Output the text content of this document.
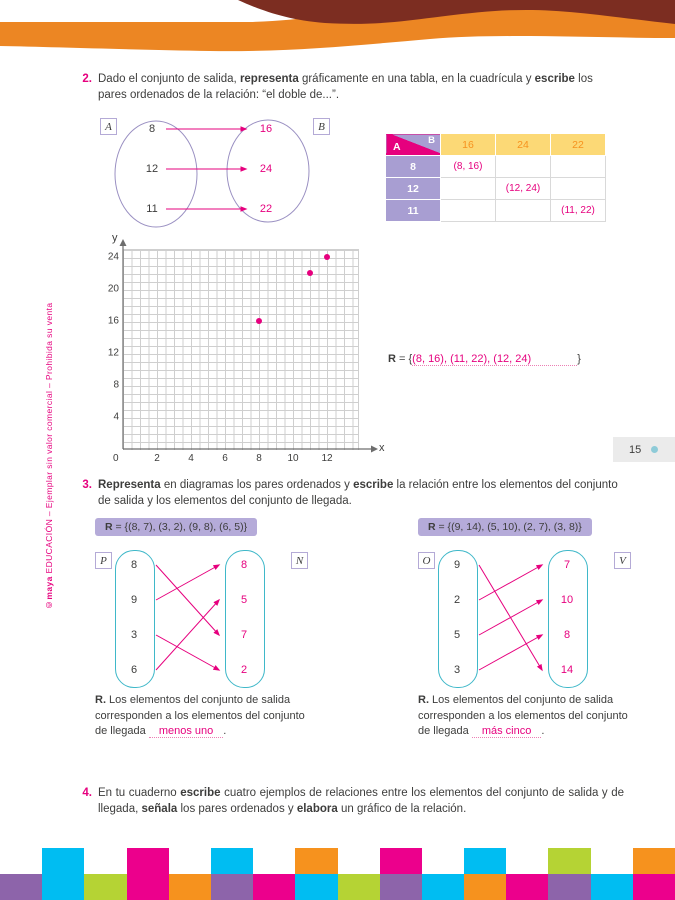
©maya EDUCACIÓN – Ejemplar sin valor comercial – Prohibida su venta
2. Dado el conjunto de salida, representa gráficamente en una tabla, en la cuadrícula y escribe los pares ordenados de la relación: “el doble de...”.

A	B
8
12
11
16
24
22
A
B	16	24	22
8	(8, 16)		
12		(12, 24)	
11			(11, 22)
x
y
0	2	4	6	8	10 12
4
8
12
16
20
24

R = {(8, 16), (11, 22), (12, 24)	}

15
3. Representa en diagramas los pares ordenados y escribe la relación entre los elementos del conjunto de salida y los elementos del conjunto de llegada.

R = {(8, 7), (3, 2), (9, 8), (6, 5)}	R = {(9, 14), (5, 10), (2, 7), (3, 8)}
P	N
8
9
3
6
8
5
7
2
O	V
9
2
5
3
7
10
8
14

R. Los elementos del conjunto de salida corresponden a los elementos del conjunto de llegada menos uno .

R. Los elementos del conjunto de salida corresponden a los elementos del conjunto de llegada más cinco .

4. En tu cuaderno escribe cuatro ejemplos de relaciones entre los elementos del conjunto de salida y de llegada, señala los pares ordenados y elabora un gráfico de la relación.
